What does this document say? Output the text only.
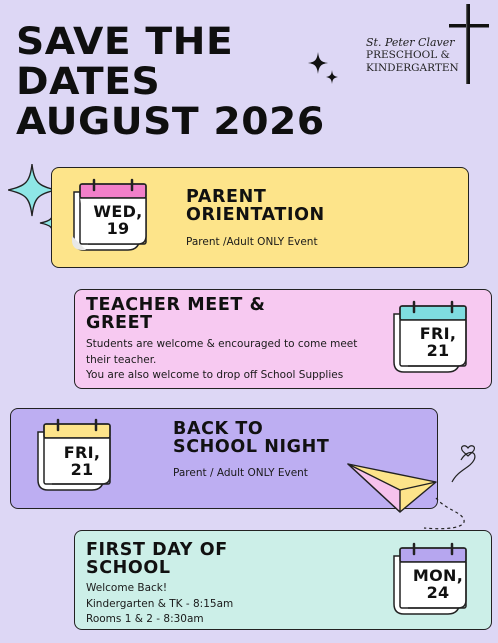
SAVE THE
DATES
AUGUST 2026
St. Peter Claver
PRESCHOOL &
KINDERGARTEN
PARENT
ORIENTATION
Parent /Adult ONLY Event
WED,
19
TEACHER MEET &
GREET
Students are welcome & encouraged to come meet
their teacher.
You are also welcome to drop off School Supplies
FRI,
21
BACK TO
SCHOOL NIGHT
Parent / Adult ONLY Event
FRI,
21
FIRST DAY OF
SCHOOL
Welcome Back!
Kindergarten & TK - 8:15am
Rooms 1 & 2 - 8:30am
MON,
24
